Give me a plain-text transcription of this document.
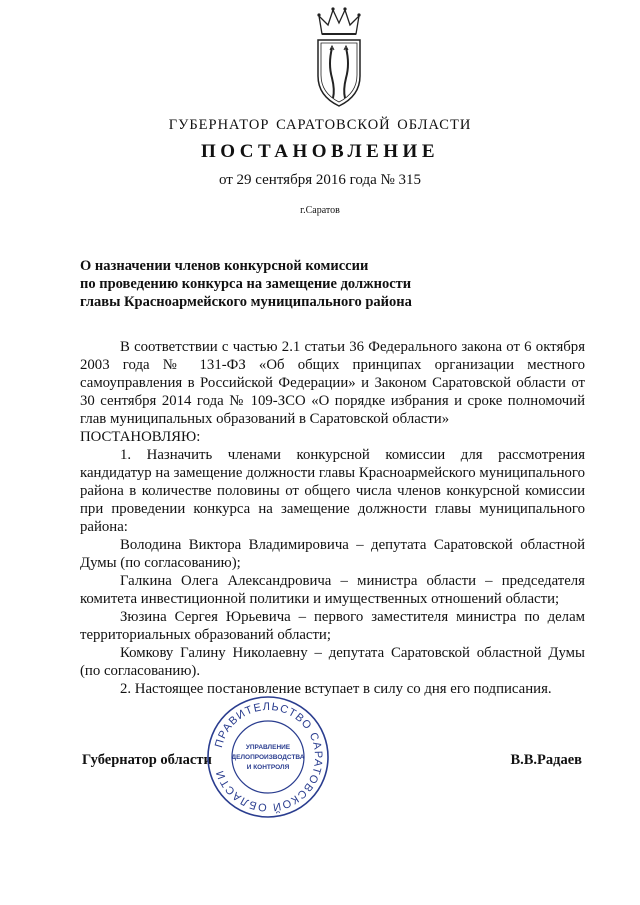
ГУБЕРНАТОР САРАТОВСКОЙ ОБЛАСТИ
ПОСТАНОВЛЕНИЕ
от 29 сентября 2016 года № 315
г.Саратов
О назначении членов конкурсной комиссии
по проведению конкурса на замещение должности
главы Красноармейского муниципального района

В соответствии с частью 2.1 статьи 36 Федерального закона от 6 октября 2003 года № 131-ФЗ «Об общих принципах организации местного самоуправления в Российской Федерации» и Законом Саратовской области от 30 сентября 2014 года № 109-ЗСО «О порядке избрания и сроке полномочий глав муниципальных образований в Саратовской области»

ПОСТАНОВЛЯЮ:

1. Назначить членами конкурсной комиссии для рассмотрения кандидатур на замещение должности главы Красноармейского муниципального района в количестве половины от общего числа членов конкурсной комиссии при проведении конкурса на замещение должности главы муниципального района:

Володина Виктора Владимировича – депутата Саратовской областной Думы (по согласованию);

Галкина Олега Александровича – министра области – председателя комитета инвестиционной политики и имущественных отношений области;

Зюзина Сергея Юрьевича – первого заместителя министра по делам территориальных образований области;

Комкову Галину Николаевну – депутата Саратовской областной Думы (по согласованию).

2. Настоящее постановление вступает в силу со дня его подписания.

Губернатор области	В.В.Радаев
ПРАВИТЕЛЬСТВО САРАТОВСКОЙ ОБЛАСТИ
УПРАВЛЕНИЕ
ДЕЛОПРОИЗВОДСТВА
И КОНТРОЛЯ
